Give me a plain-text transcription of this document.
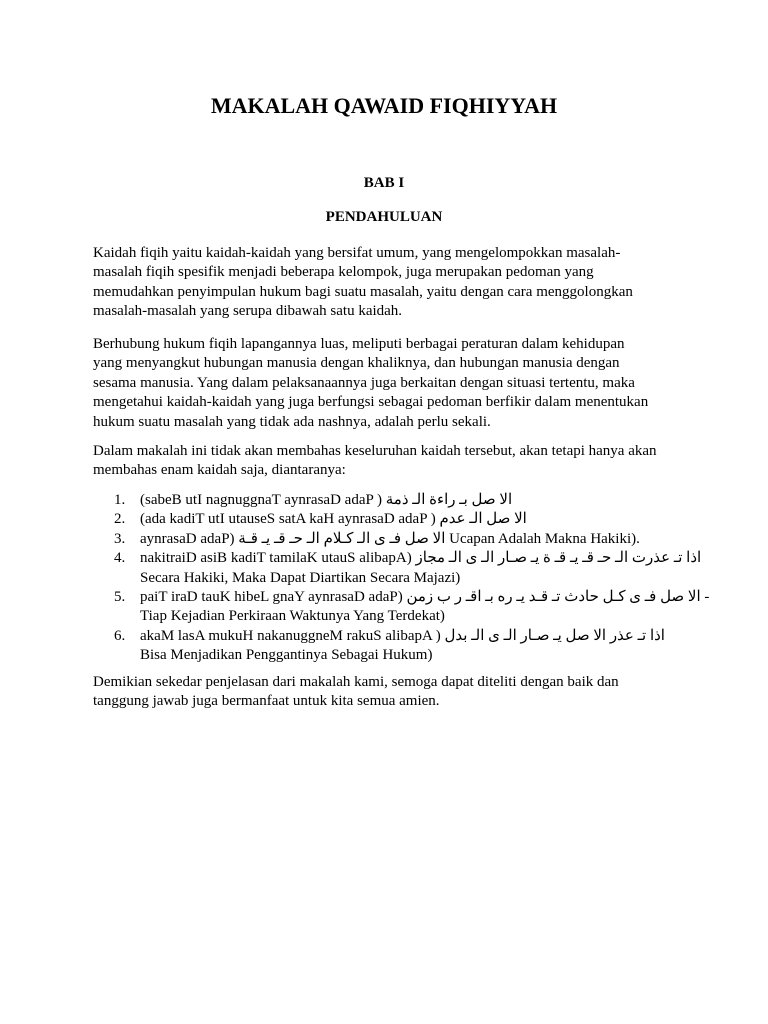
MAKALAH QAWAID FIQHIYYAH
BAB I
PENDAHULUAN

Kaidah fiqih yaitu kaidah-kaidah yang bersifat umum, yang mengelompokkan masalah-
masalah fiqih spesifik menjadi beberapa kelompok, juga merupakan pedoman yang
memudahkan penyimpulan hukum bagi suatu masalah, yaitu dengan cara menggolongkan
masalah-masalah yang serupa dibawah satu kaidah.

Berhubung hukum fiqih lapangannya luas, meliputi berbagai peraturan dalam kehidupan
yang menyangkut hubungan manusia dengan khaliknya, dan hubungan manusia dengan
sesama manusia. Yang dalam pelaksanaannya juga berkaitan dengan situasi tertentu, maka
mengetahui kaidah-kaidah yang juga berfungsi sebagai pedoman berfikir dalam menentukan
hukum suatu masalah yang tidak ada nashnya, adalah perlu sekali.

Dalam makalah ini tidak akan membahas keseluruhan kaidah tersebut, akan tetapi hanya akan
membahas enam kaidah saja, diantaranya:

1. (sabeB utI nagnuggnaT aynrasaD adaP ) الا صل بـ راءة الـ ذمة
2. (ada kadiT utI utauseS satA kaH aynrasaD adaP ) الا صل الـ عدم
3. aynrasaD adaP) الا صل فـ ى الـ كـلام الـ حـ قـ يـ قـة Ucapan Adalah Makna Hakiki).
4. nakitraiD asiB kadiT tamilaK utauS alibapA) اذا تـ عذرت الـ حـ قـ يـ قـ ة يـ صـار الـ ى الـ مجاز
Secara Hakiki, Maka Dapat Diartikan Secara Majazi)
5. paiT iraD tauK hibeL gnaY aynrasaD adaP) الا صل فـ ى كـل حادث تـ قـد يـ ره بـ اقـ ر ب زمن -
Tiap Kejadian Perkiraan Waktunya Yang Terdekat)
6. akaM lasA mukuH nakanuggneM rakuS alibapA ) اذا تـ عذر الا صل يـ صـار الـ ى الـ بدل
Bisa Menjadikan Penggantinya Sebagai Hukum)

Demikian sekedar penjelasan dari makalah kami, semoga dapat diteliti dengan baik dan
tanggung jawab juga bermanfaat untuk kita semua amien.
